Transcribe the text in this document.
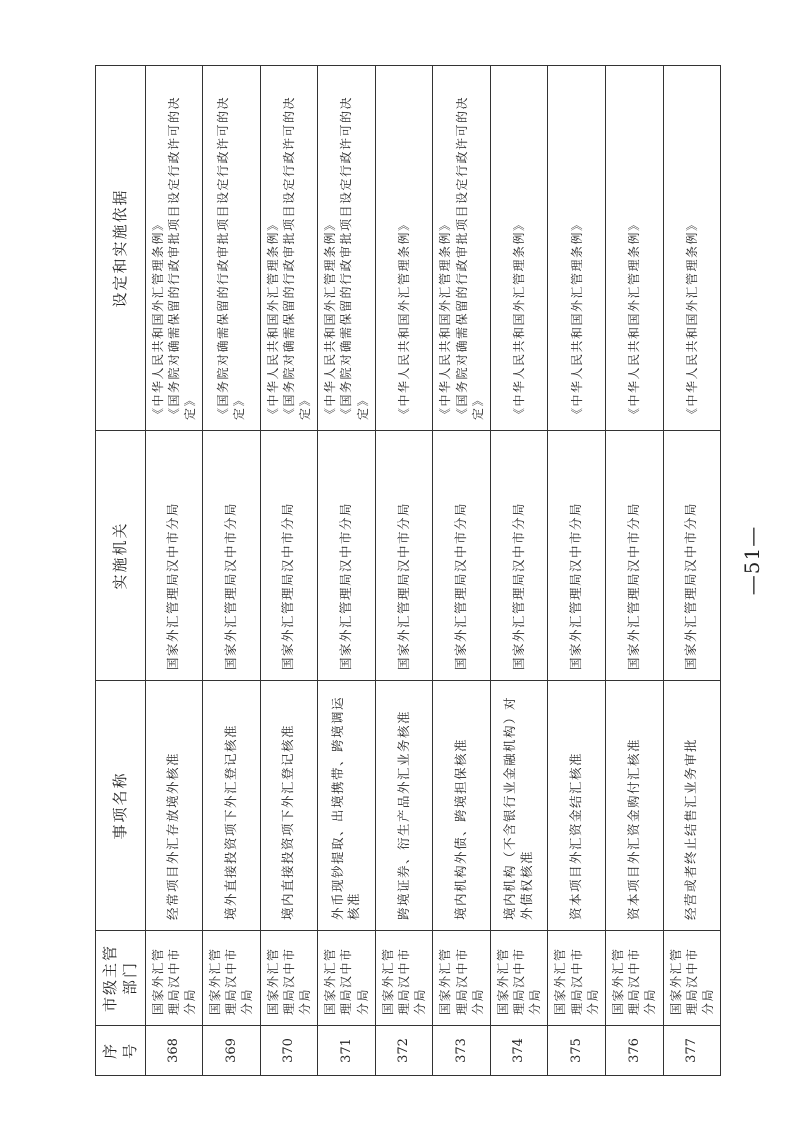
序号	市级主管部门	事项名称	实施机关	设定和实施依据
368	国家外汇管理局汉中市分局	经常项目外汇存放境外核准	国家外汇管理局汉中市分局	《中华人民共和国外汇管理条例》 《国务院对确需保留的行政审批项目设定行政许可的决定》

369	国家外汇管理局汉中市分局	境外直接投资项下外汇登记核准	国家外汇管理局汉中市分局	《国务院对确需保留的行政审批项目设定行政许可的决定》

370	国家外汇管理局汉中市分局	境内直接投资项下外汇登记核准	国家外汇管理局汉中市分局	《中华人民共和国外汇管理条例》 《国务院对确需保留的行政审批项目设定行政许可的决定》

371	国家外汇管理局汉中市分局	外币现钞提取、出境携带、跨境调运核准	国家外汇管理局汉中市分局	《中华人民共和国外汇管理条例》 《国务院对确需保留的行政审批项目设定行政许可的决定》

372	国家外汇管理局汉中市分局	跨境证券、衍生产品外汇业务核准	国家外汇管理局汉中市分局	《中华人民共和国外汇管理条例》

373	国家外汇管理局汉中市分局	境内机构外债、跨境担保核准	国家外汇管理局汉中市分局	《中华人民共和国外汇管理条例》 《国务院对确需保留的行政审批项目设定行政许可的决定》

374	国家外汇管理局汉中市分局	境内机构（不含银行业金融机构）对外债权核准	国家外汇管理局汉中市分局	《中华人民共和国外汇管理条例》

375	国家外汇管理局汉中市分局	资本项目外汇资金结汇核准	国家外汇管理局汉中市分局	《中华人民共和国外汇管理条例》

376	国家外汇管理局汉中市分局	资本项目外汇资金购付汇核准	国家外汇管理局汉中市分局	《中华人民共和国外汇管理条例》

377	国家外汇管理局汉中市分局	经营或者终止结售汇业务审批	国家外汇管理局汉中市分局	《中华人民共和国外汇管理条例》
—51—
